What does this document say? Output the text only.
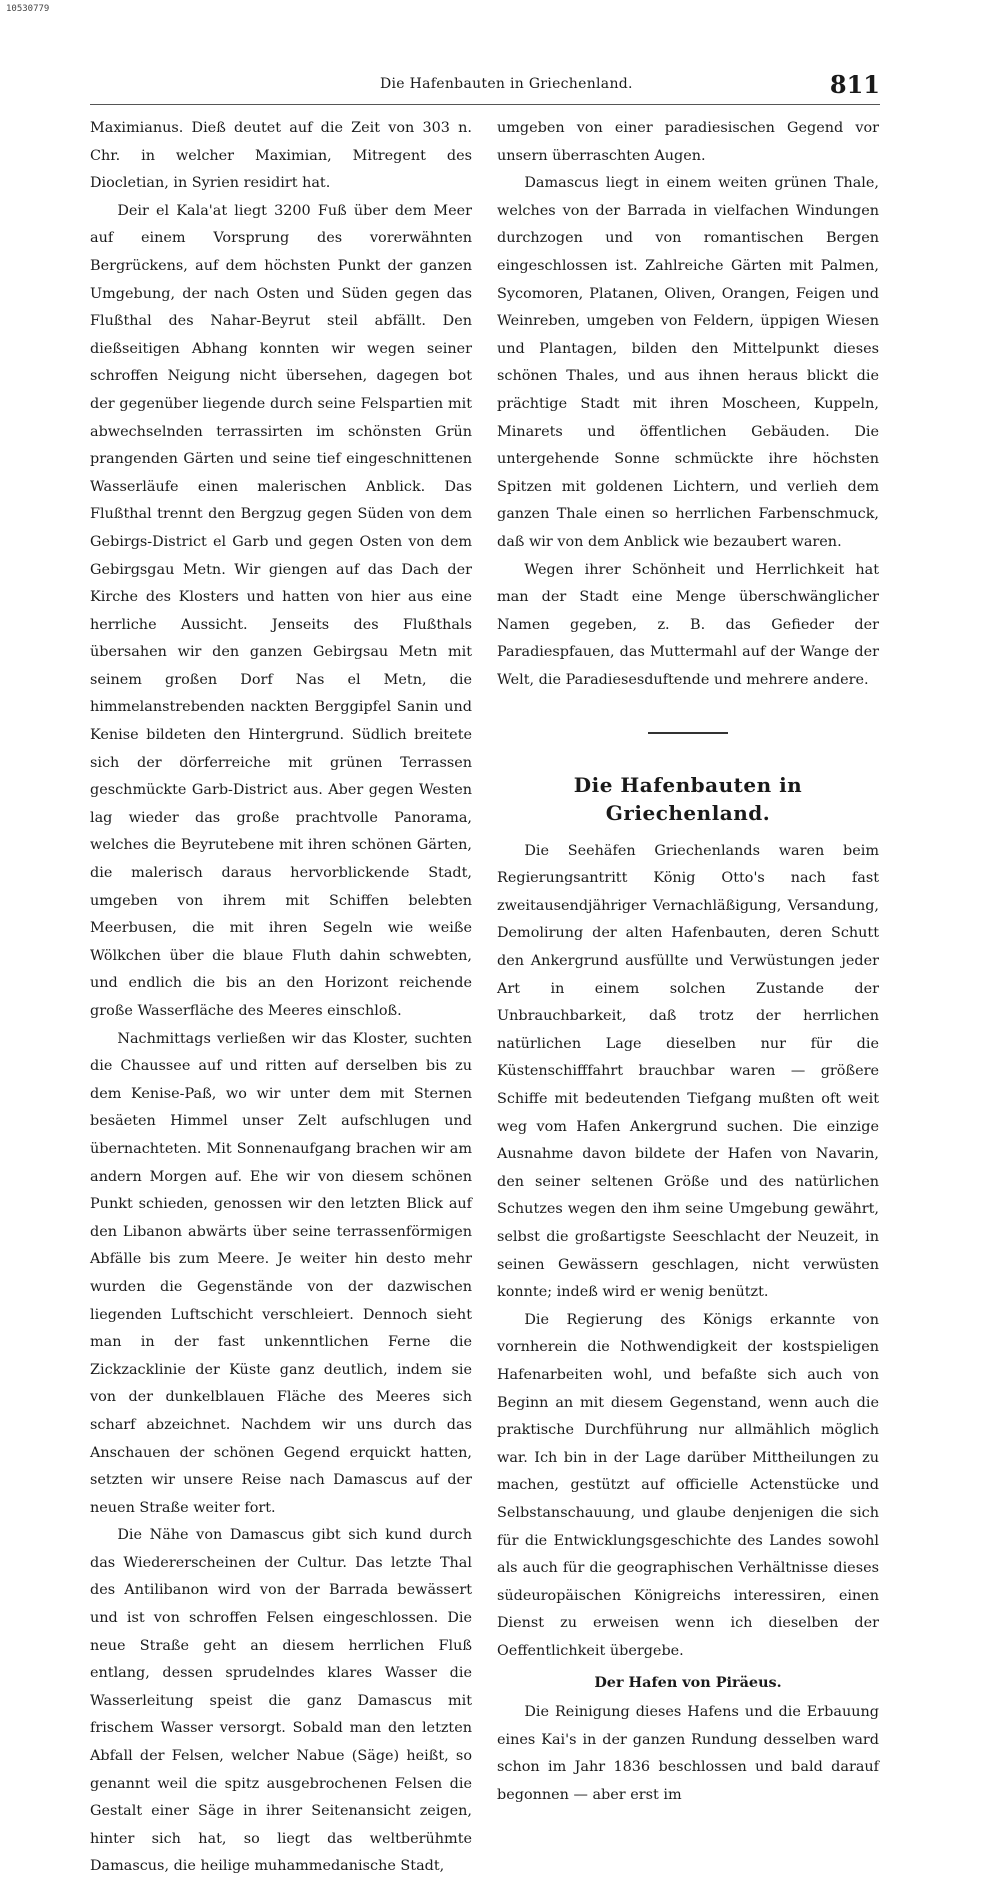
10530779
Die Hafenbauten in Griechenland.	811

Maximianus. Dieß deutet auf die Zeit von 303 n. Chr. in welcher Maximian, Mitregent des Diocletian, in Syrien residirt hat.

Deir el Kala'at liegt 3200 Fuß über dem Meer auf einem Vorsprung des vorerwähnten Bergrückens, auf dem höchsten Punkt der ganzen Umgebung, der nach Osten und Süden gegen das Flußthal des Nahar-Beyrut steil abfällt. Den dießseitigen Abhang konnten wir wegen seiner schroffen Neigung nicht übersehen, dagegen bot der gegenüber liegende durch seine Felspartien mit abwechselnden terrassirten im schönsten Grün prangenden Gärten und seine tief eingeschnittenen Wasserläufe einen malerischen Anblick. Das Flußthal trennt den Bergzug gegen Süden von dem Gebirgs-District el Garb und gegen Osten von dem Gebirgsgau Metn. Wir giengen auf das Dach der Kirche des Klosters und hatten von hier aus eine herrliche Aussicht. Jenseits des Flußthals übersahen wir den ganzen Gebirgsau Metn mit seinem großen Dorf Nas el Metn, die himmelanstrebenden nackten Berggipfel Sanin und Kenise bildeten den Hintergrund. Südlich breitete sich der dörferreiche mit grünen Terrassen geschmückte Garb-District aus. Aber gegen Westen lag wieder das große prachtvolle Panorama, welches die Beyrutebene mit ihren schönen Gärten, die malerisch daraus hervorblickende Stadt, umgeben von ihrem mit Schiffen belebten Meerbusen, die mit ihren Segeln wie weiße Wölkchen über die blaue Fluth dahin schwebten, und endlich die bis an den Horizont reichende große Wasserfläche des Meeres einschloß.

Nachmittags verließen wir das Kloster, suchten die Chaussee auf und ritten auf derselben bis zu dem Kenise-Paß, wo wir unter dem mit Sternen besäeten Himmel unser Zelt aufschlugen und übernachteten. Mit Sonnenaufgang brachen wir am andern Morgen auf. Ehe wir von diesem schönen Punkt schieden, genossen wir den letzten Blick auf den Libanon abwärts über seine terrassenförmigen Abfälle bis zum Meere. Je weiter hin desto mehr wurden die Gegenstände von der dazwischen liegenden Luftschicht verschleiert. Dennoch sieht man in der fast unkenntlichen Ferne die Zickzacklinie der Küste ganz deutlich, indem sie von der dunkelblauen Fläche des Meeres sich scharf abzeichnet. Nachdem wir uns durch das Anschauen der schönen Gegend erquickt hatten, setzten wir unsere Reise nach Damascus auf der neuen Straße weiter fort.

Die Nähe von Damascus gibt sich kund durch das Wiedererscheinen der Cultur. Das letzte Thal des Antilibanon wird von der Barrada bewässert und ist von schroffen Felsen eingeschlossen. Die neue Straße geht an diesem herrlichen Fluß entlang, dessen sprudelndes klares Wasser die Wasserleitung speist die ganz Damascus mit frischem Wasser versorgt. Sobald man den letzten Abfall der Felsen, welcher Nabue (Säge) heißt, so genannt weil die spitz ausgebrochenen Felsen die Gestalt einer Säge in ihrer Seitenansicht zeigen, hinter sich hat, so liegt das weltberühmte Damascus, die heilige muhammedanische Stadt,

umgeben von einer paradiesischen Gegend vor unsern überraschten Augen.

Damascus liegt in einem weiten grünen Thale, welches von der Barrada in vielfachen Windungen durchzogen und von romantischen Bergen eingeschlossen ist. Zahlreiche Gärten mit Palmen, Sycomoren, Platanen, Oliven, Orangen, Feigen und Weinreben, umgeben von Feldern, üppigen Wiesen und Plantagen, bilden den Mittelpunkt dieses schönen Thales, und aus ihnen heraus blickt die prächtige Stadt mit ihren Moscheen, Kuppeln, Minarets und öffentlichen Gebäuden. Die untergehende Sonne schmückte ihre höchsten Spitzen mit goldenen Lichtern, und verlieh dem ganzen Thale einen so herrlichen Farbenschmuck, daß wir von dem Anblick wie bezaubert waren.

Wegen ihrer Schönheit und Herrlichkeit hat man der Stadt eine Menge überschwänglicher Namen gegeben, z. B. das Gefieder der Paradiespfauen, das Muttermahl auf der Wange der Welt, die Paradiesesduftende und mehrere andere.

Die Hafenbauten in Griechenland.

Die Seehäfen Griechenlands waren beim Regierungsantritt König Otto's nach fast zweitausendjähriger Vernachläßigung, Versandung, Demolirung der alten Hafenbauten, deren Schutt den Ankergrund ausfüllte und Verwüstungen jeder Art in einem solchen Zustande der Unbrauchbarkeit, daß trotz der herrlichen natürlichen Lage dieselben nur für die Küstenschifffahrt brauchbar waren — größere Schiffe mit bedeutenden Tiefgang mußten oft weit weg vom Hafen Ankergrund suchen. Die einzige Ausnahme davon bildete der Hafen von Navarin, den seiner seltenen Größe und des natürlichen Schutzes wegen den ihm seine Umgebung gewährt, selbst die großartigste Seeschlacht der Neuzeit, in seinen Gewässern geschlagen, nicht verwüsten konnte; indeß wird er wenig benützt.

Die Regierung des Königs erkannte von vornherein die Nothwendigkeit der kostspieligen Hafenarbeiten wohl, und befaßte sich auch von Beginn an mit diesem Gegenstand, wenn auch die praktische Durchführung nur allmählich möglich war. Ich bin in der Lage darüber Mittheilungen zu machen, gestützt auf officielle Actenstücke und Selbstanschauung, und glaube denjenigen die sich für die Entwicklungsgeschichte des Landes sowohl als auch für die geographischen Verhältnisse dieses südeuropäischen Königreichs interessiren, einen Dienst zu erweisen wenn ich dieselben der Oeffentlichkeit übergebe.

Der Hafen von Piräeus.

Die Reinigung dieses Hafens und die Erbauung eines Kai's in der ganzen Rundung desselben ward schon im Jahr 1836 beschlossen und bald darauf begonnen — aber erst im
